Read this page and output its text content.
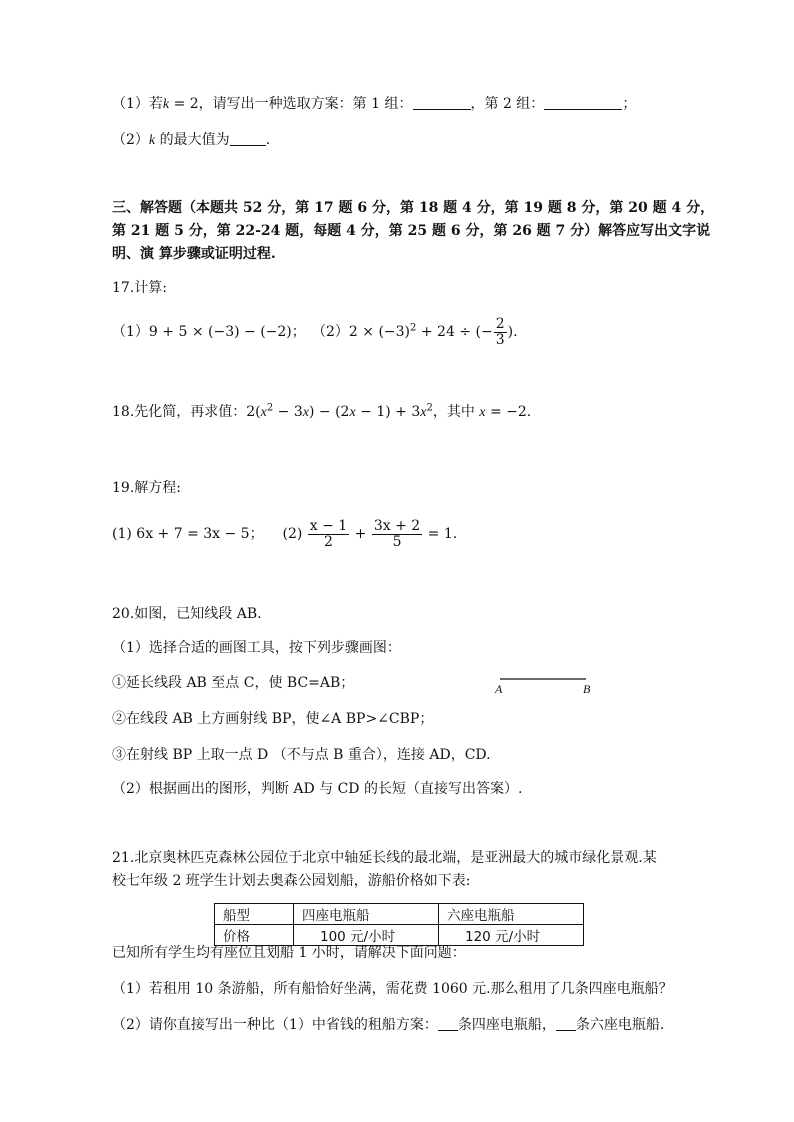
（1）若k = 2，请写出一种选取方案：第 1 组：	，第 2 组：	；
（2）k 的最大值为	.
三、解答题（本题共 52 分，第 17 题 6 分，第 18 题 4 分，第 19 题 8 分，第 20 题 4 分，
第 21 题 5 分，第 22-24 题，每题 4 分，第 25 题 6 分，第 26 题 7 分）解答应写出文字说
明、演 算步骤或证明过程.
17.计算:
（1）9 + 5 × (−3) − (−2)； $(2)2 \times (-3)^2 + 24$ ÷ (− $\frac{2}{3}$ ).
18.先化简，再求值：$2(x^2 - 3x) - (2x - 1) + 3x^2$，其中 x = −2.
19.解方程:
(1) 6x + 7 = 3x − 5； $(2) \frac{x - 1}{2} + \frac{3x + 2}{5} = 1$.
20.如图，已知线段 AB.
（1）选择合适的画图工具，按下列步骤画图：
①延长线段 AB 至点 C，使 BC=AB；
②在线段 AB 上方画射线 BP，使∠A BP>∠CBP；
③在射线 BP 上取一点 D （不与点 B 重合），连接 AD，CD.
（2）根据画出的图形，判断 AD 与 CD 的长短（直接写出答案）.
A	B
21.北京奥林匹克森林公园位于北京中轴延长线的最北端，是亚洲最大的城市绿化景观.某
校七年级 2 班学生计划去奥森公园划船，游船价格如下表:
船型	四座电瓶船	六座电瓶船
价格	100 元/小时	120 元/小时
已知所有学生均有座位且划船 1 小时，请解决下面问题：
（1）若租用 10 条游船，所有船恰好坐满，需花费 1060 元.那么租用了几条四座电瓶船？
（2）请你直接写出一种比（1）中省钱的租船方案： 条四座电瓶船， 条六座电瓶船.
